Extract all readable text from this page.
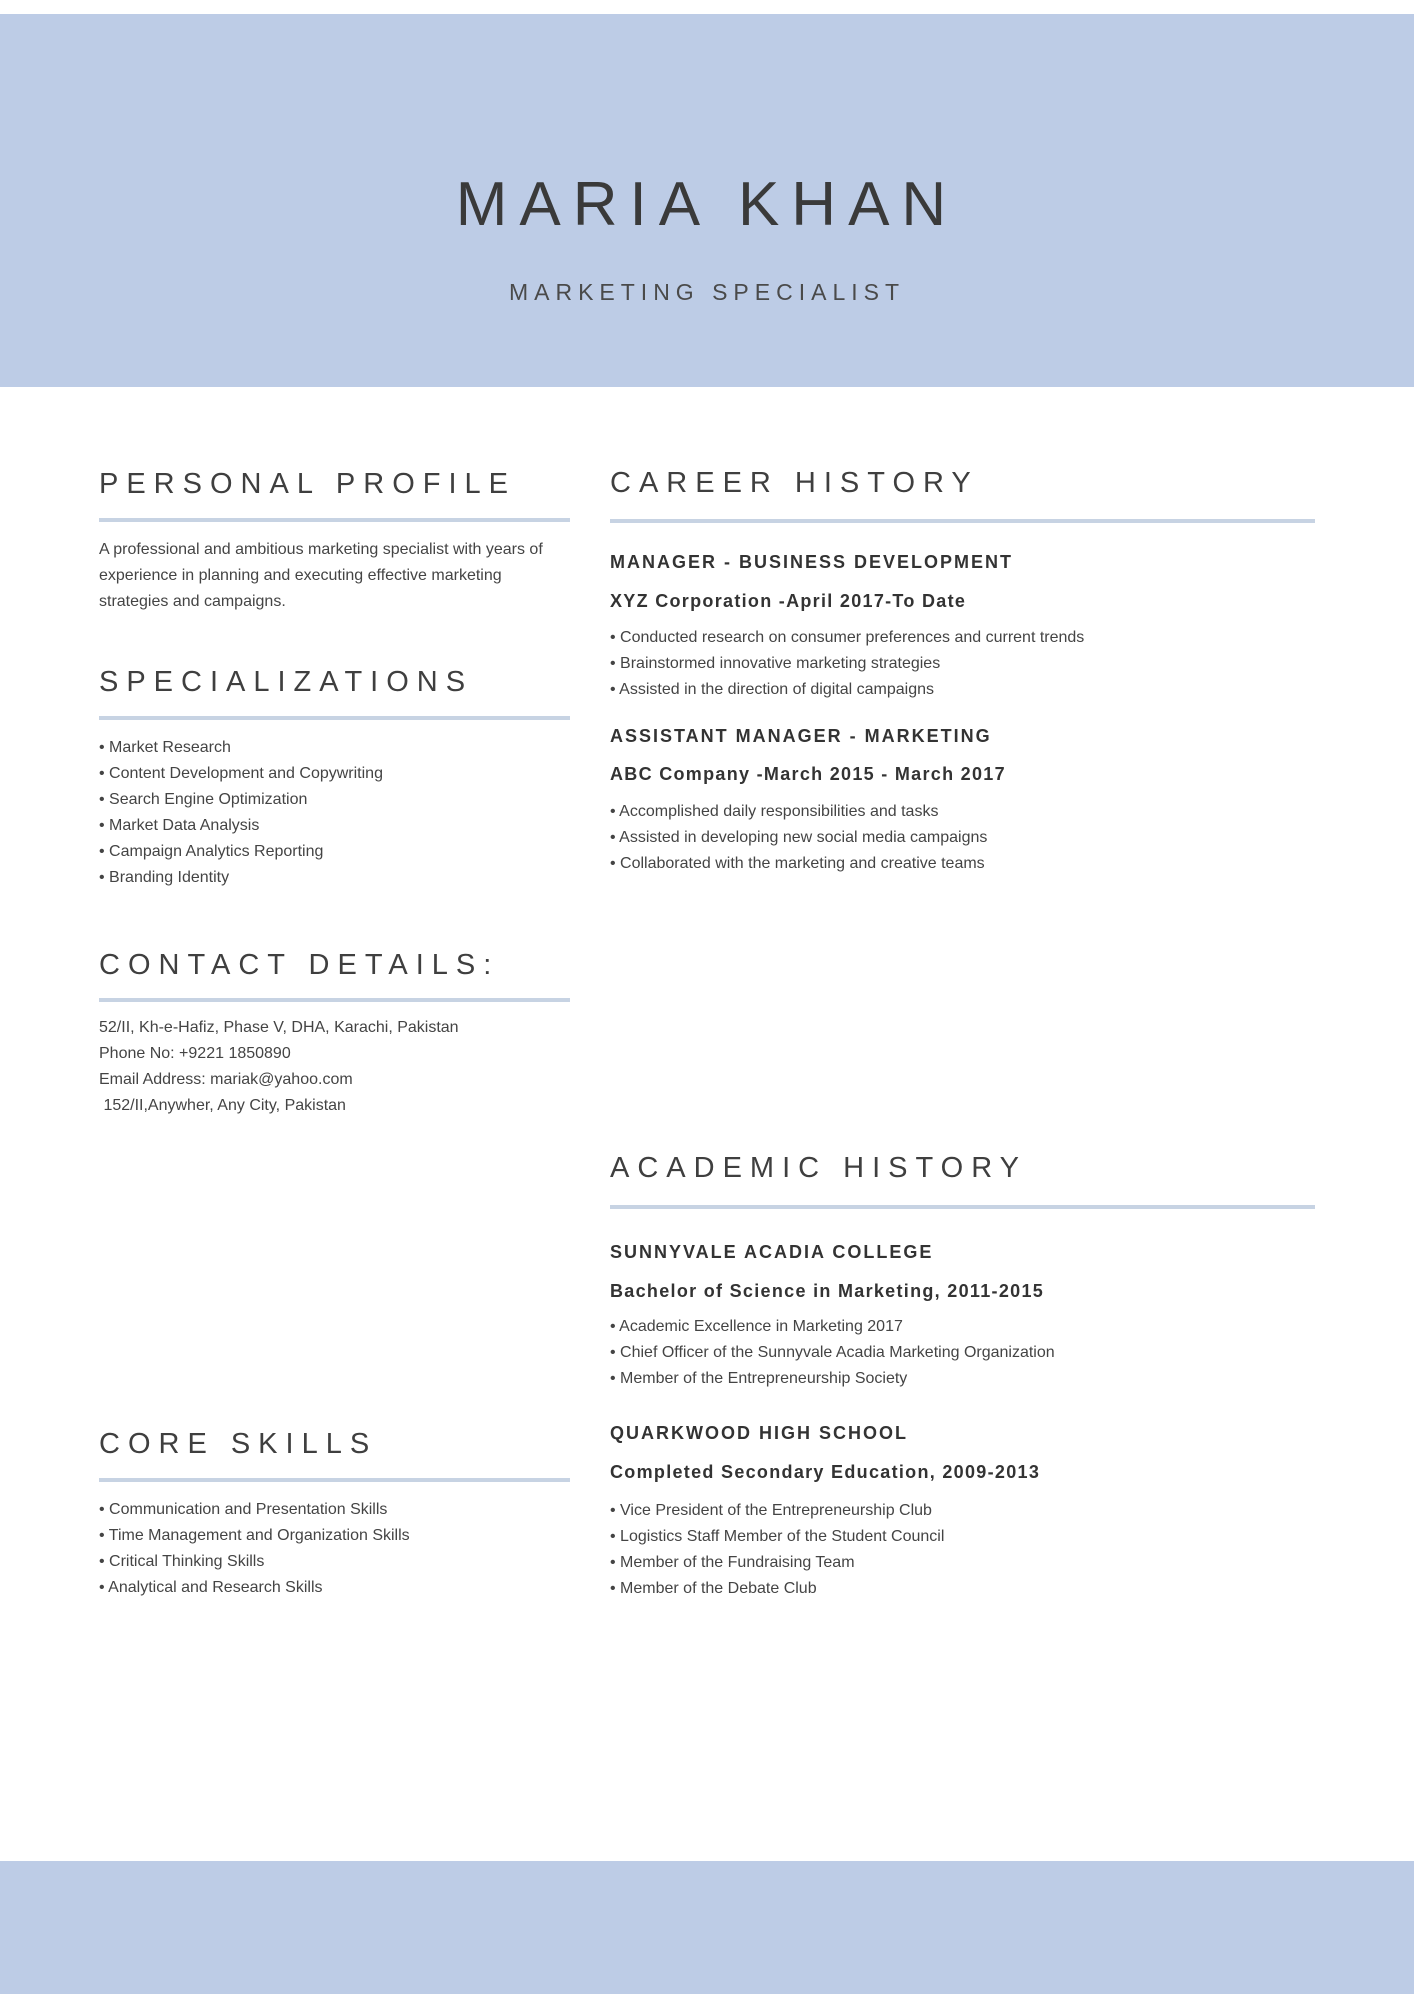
MARIA KHAN
MARKETING SPECIALIST
PERSONAL PROFILE

A professional and ambitious marketing specialist with years of experience in planning and executing effective marketing strategies and campaigns.

SPECIALIZATIONS
• Market Research
• Content Development and Copywriting
• Search Engine Optimization
• Market Data Analysis
• Campaign Analytics Reporting
• Branding Identity
CONTACT DETAILS:
52/II, Kh-e-Hafiz, Phase V, DHA, Karachi, Pakistan
Phone No: +9221 1850890
Email Address: mariak@yahoo.com
152/II,Anywher, Any City, Pakistan
CORE SKILLS
• Communication and Presentation Skills
• Time Management and Organization Skills
• Critical Thinking Skills
• Analytical and Research Skills
CAREER HISTORY
MANAGER - BUSINESS DEVELOPMENT
XYZ Corporation -April 2017-To Date
• Conducted research on consumer preferences and current trends
• Brainstormed innovative marketing strategies
• Assisted in the direction of digital campaigns
ASSISTANT MANAGER - MARKETING
ABC Company -March 2015 - March 2017
• Accomplished daily responsibilities and tasks
• Assisted in developing new social media campaigns
• Collaborated with the marketing and creative teams
ACADEMIC HISTORY
SUNNYVALE ACADIA COLLEGE
Bachelor of Science in Marketing, 2011-2015
• Academic Excellence in Marketing 2017
• Chief Officer of the Sunnyvale Acadia Marketing Organization
• Member of the Entrepreneurship Society
QUARKWOOD HIGH SCHOOL
Completed Secondary Education, 2009-2013
• Vice President of the Entrepreneurship Club
• Logistics Staff Member of the Student Council
• Member of the Fundraising Team
• Member of the Debate Club
